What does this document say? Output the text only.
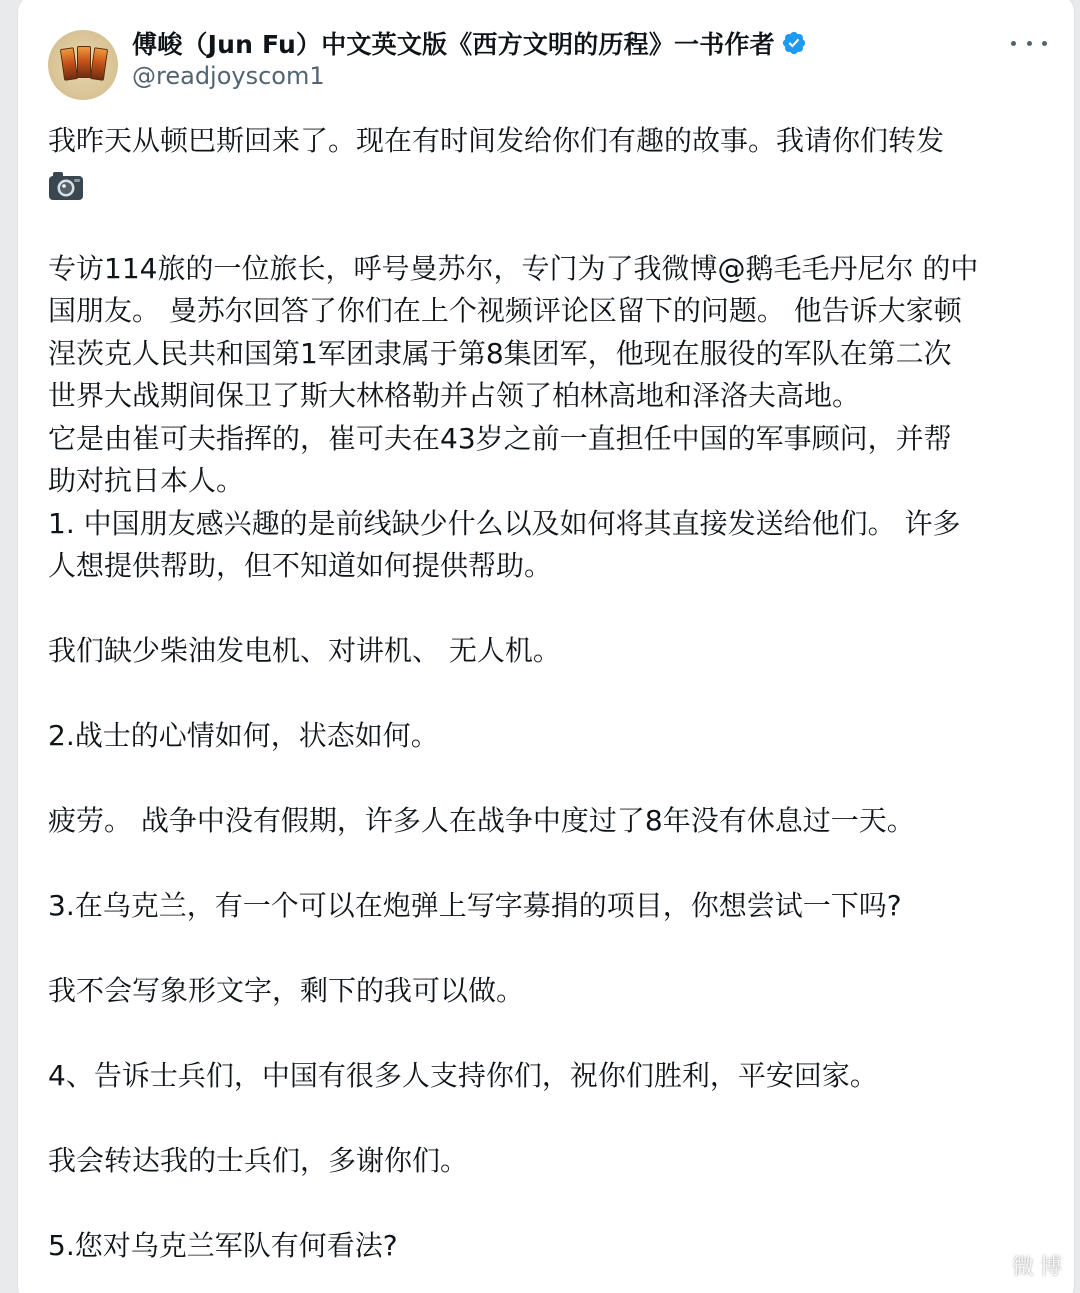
傅峻（Jun Fu）中文英文版《西方文明的历程》一书作者
@readjoyscom1

我昨天从顿巴斯回来了。现在有时间发给你们有趣的故事。我请你们转发

专访114旅的一位旅长，呼号曼苏尔，专门为了我微博@鹅毛毛丹尼尔 的中

国朋友。 曼苏尔回答了你们在上个视频评论区留下的问题。 他告诉大家顿

涅茨克人民共和国第1军团隶属于第8集团军，他现在服役的军队在第二次

世界大战期间保卫了斯大林格勒并占领了柏林高地和泽洛夫高地。

它是由崔可夫指挥的，崔可夫在43岁之前一直担任中国的军事顾问，并帮

助对抗日本人。

1. 中国朋友感兴趣的是前线缺少什么以及如何将其直接发送给他们。 许多

人想提供帮助，但不知道如何提供帮助。

我们缺少柴油发电机、对讲机、 无人机。

2.战士的心情如何，状态如何。

疲劳。 战争中没有假期，许多人在战争中度过了8年没有休息过一天。

3.在乌克兰，有一个可以在炮弹上写字募捐的项目，你想尝试一下吗?

我不会写象形文字，剩下的我可以做。

4、告诉士兵们，中国有很多人支持你们，祝你们胜利，平安回家。

我会转达我的士兵们，多谢你们。

5.您对乌克兰军队有何看法?

微博
